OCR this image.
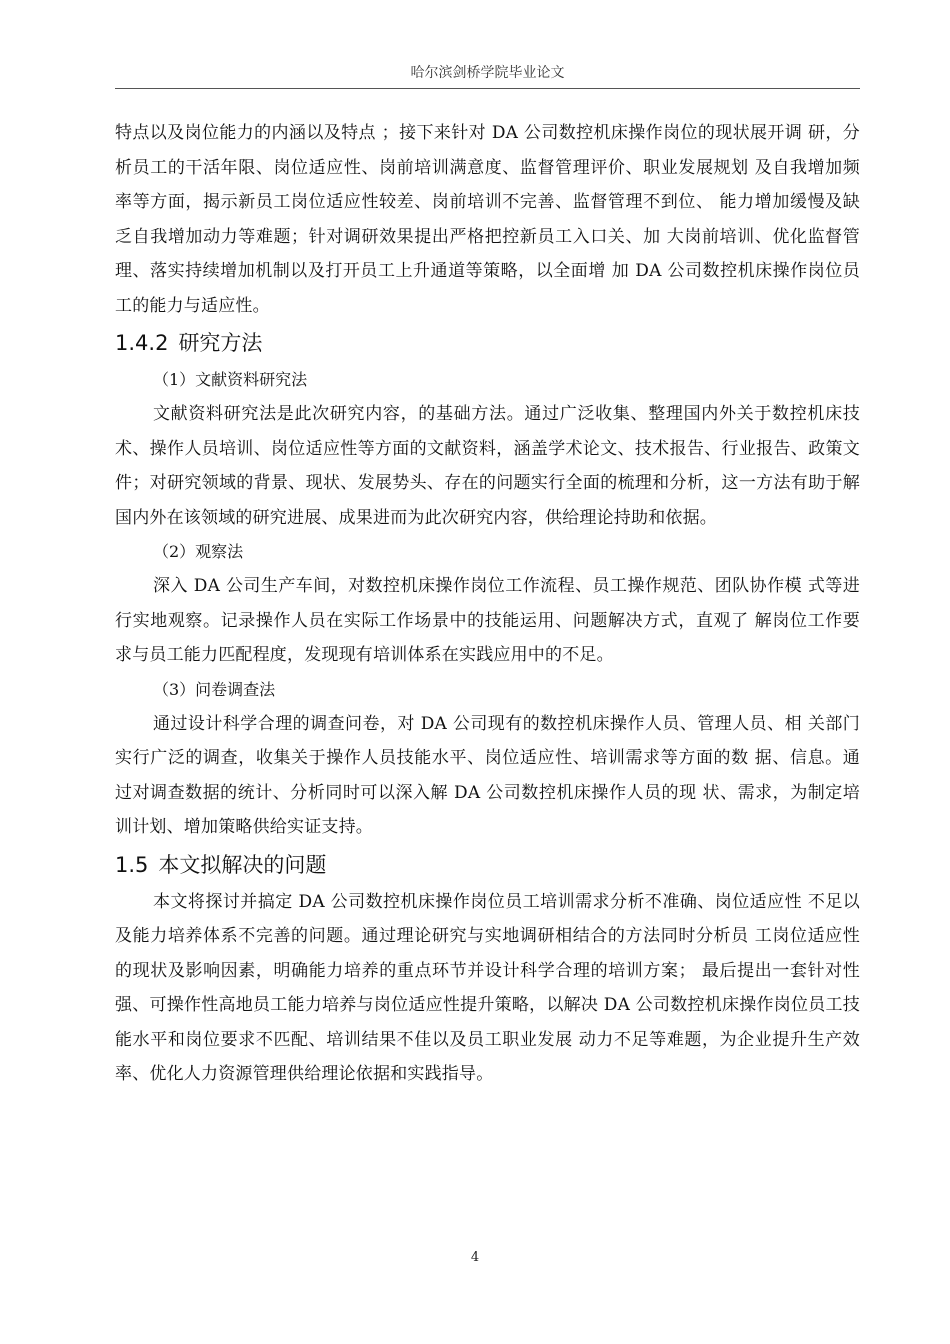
哈尔滨剑桥学院毕业论文

特点以及岗位能力的内涵以及特点 ；接下来针对 DA 公司数控机床操作岗位的现状展开调 研，分析员工的干活年限、岗位适应性、岗前培训满意度、监督管理评价、职业发展规划 及自我增加频率等方面，揭示新员工岗位适应性较差、岗前培训不完善、监督管理不到位、 能力增加缓慢及缺乏自我增加动力等难题；针对调研效果提出严格把控新员工入口关、加 大岗前培训、优化监督管理、落实持续增加机制以及打开员工上升通道等策略，以全面增 加 DA 公司数控机床操作岗位员工的能力与适应性。

1.4.2 研究方法

（1）文献资料研究法

文献资料研究法是此次研究内容，的基础方法。通过广泛收集、整理国内外关于数控机床技术、操作人员培训、岗位适应性等方面的文献资料，涵盖学术论文、技术报告、行业报告、政策文件；对研究领域的背景、现状、发展势头、存在的问题实行全面的梳理和分析，这一方法有助于解国内外在该领域的研究进展、成果进而为此次研究内容，供给理论持助和依据。

（2）观察法

深入 DA 公司生产车间，对数控机床操作岗位工作流程、员工操作规范、团队协作模 式等进行实地观察。记录操作人员在实际工作场景中的技能运用、问题解决方式，直观了 解岗位工作要求与员工能力匹配程度，发现现有培训体系在实践应用中的不足。

（3）问卷调查法

通过设计科学合理的调查问卷，对 DA 公司现有的数控机床操作人员、管理人员、相 关部门实行广泛的调查，收集关于操作人员技能水平、岗位适应性、培训需求等方面的数 据、信息。通过对调查数据的统计、分析同时可以深入解 DA 公司数控机床操作人员的现 状、需求，为制定培训计划、增加策略供给实证支持。

1.5 本文拟解决的问题

本文将探讨并搞定 DA 公司数控机床操作岗位员工培训需求分析不准确、岗位适应性 不足以及能力培养体系不完善的问题。通过理论研究与实地调研相结合的方法同时分析员 工岗位适应性的现状及影响因素，明确能力培养的重点环节并设计科学合理的培训方案； 最后提出一套针对性强、可操作性高地员工能力培养与岗位适应性提升策略，以解决 DA 公司数控机床操作岗位员工技能水平和岗位要求不匹配、培训结果不佳以及员工职业发展 动力不足等难题，为企业提升生产效率、优化人力资源管理供给理论依据和实践指导。

4
